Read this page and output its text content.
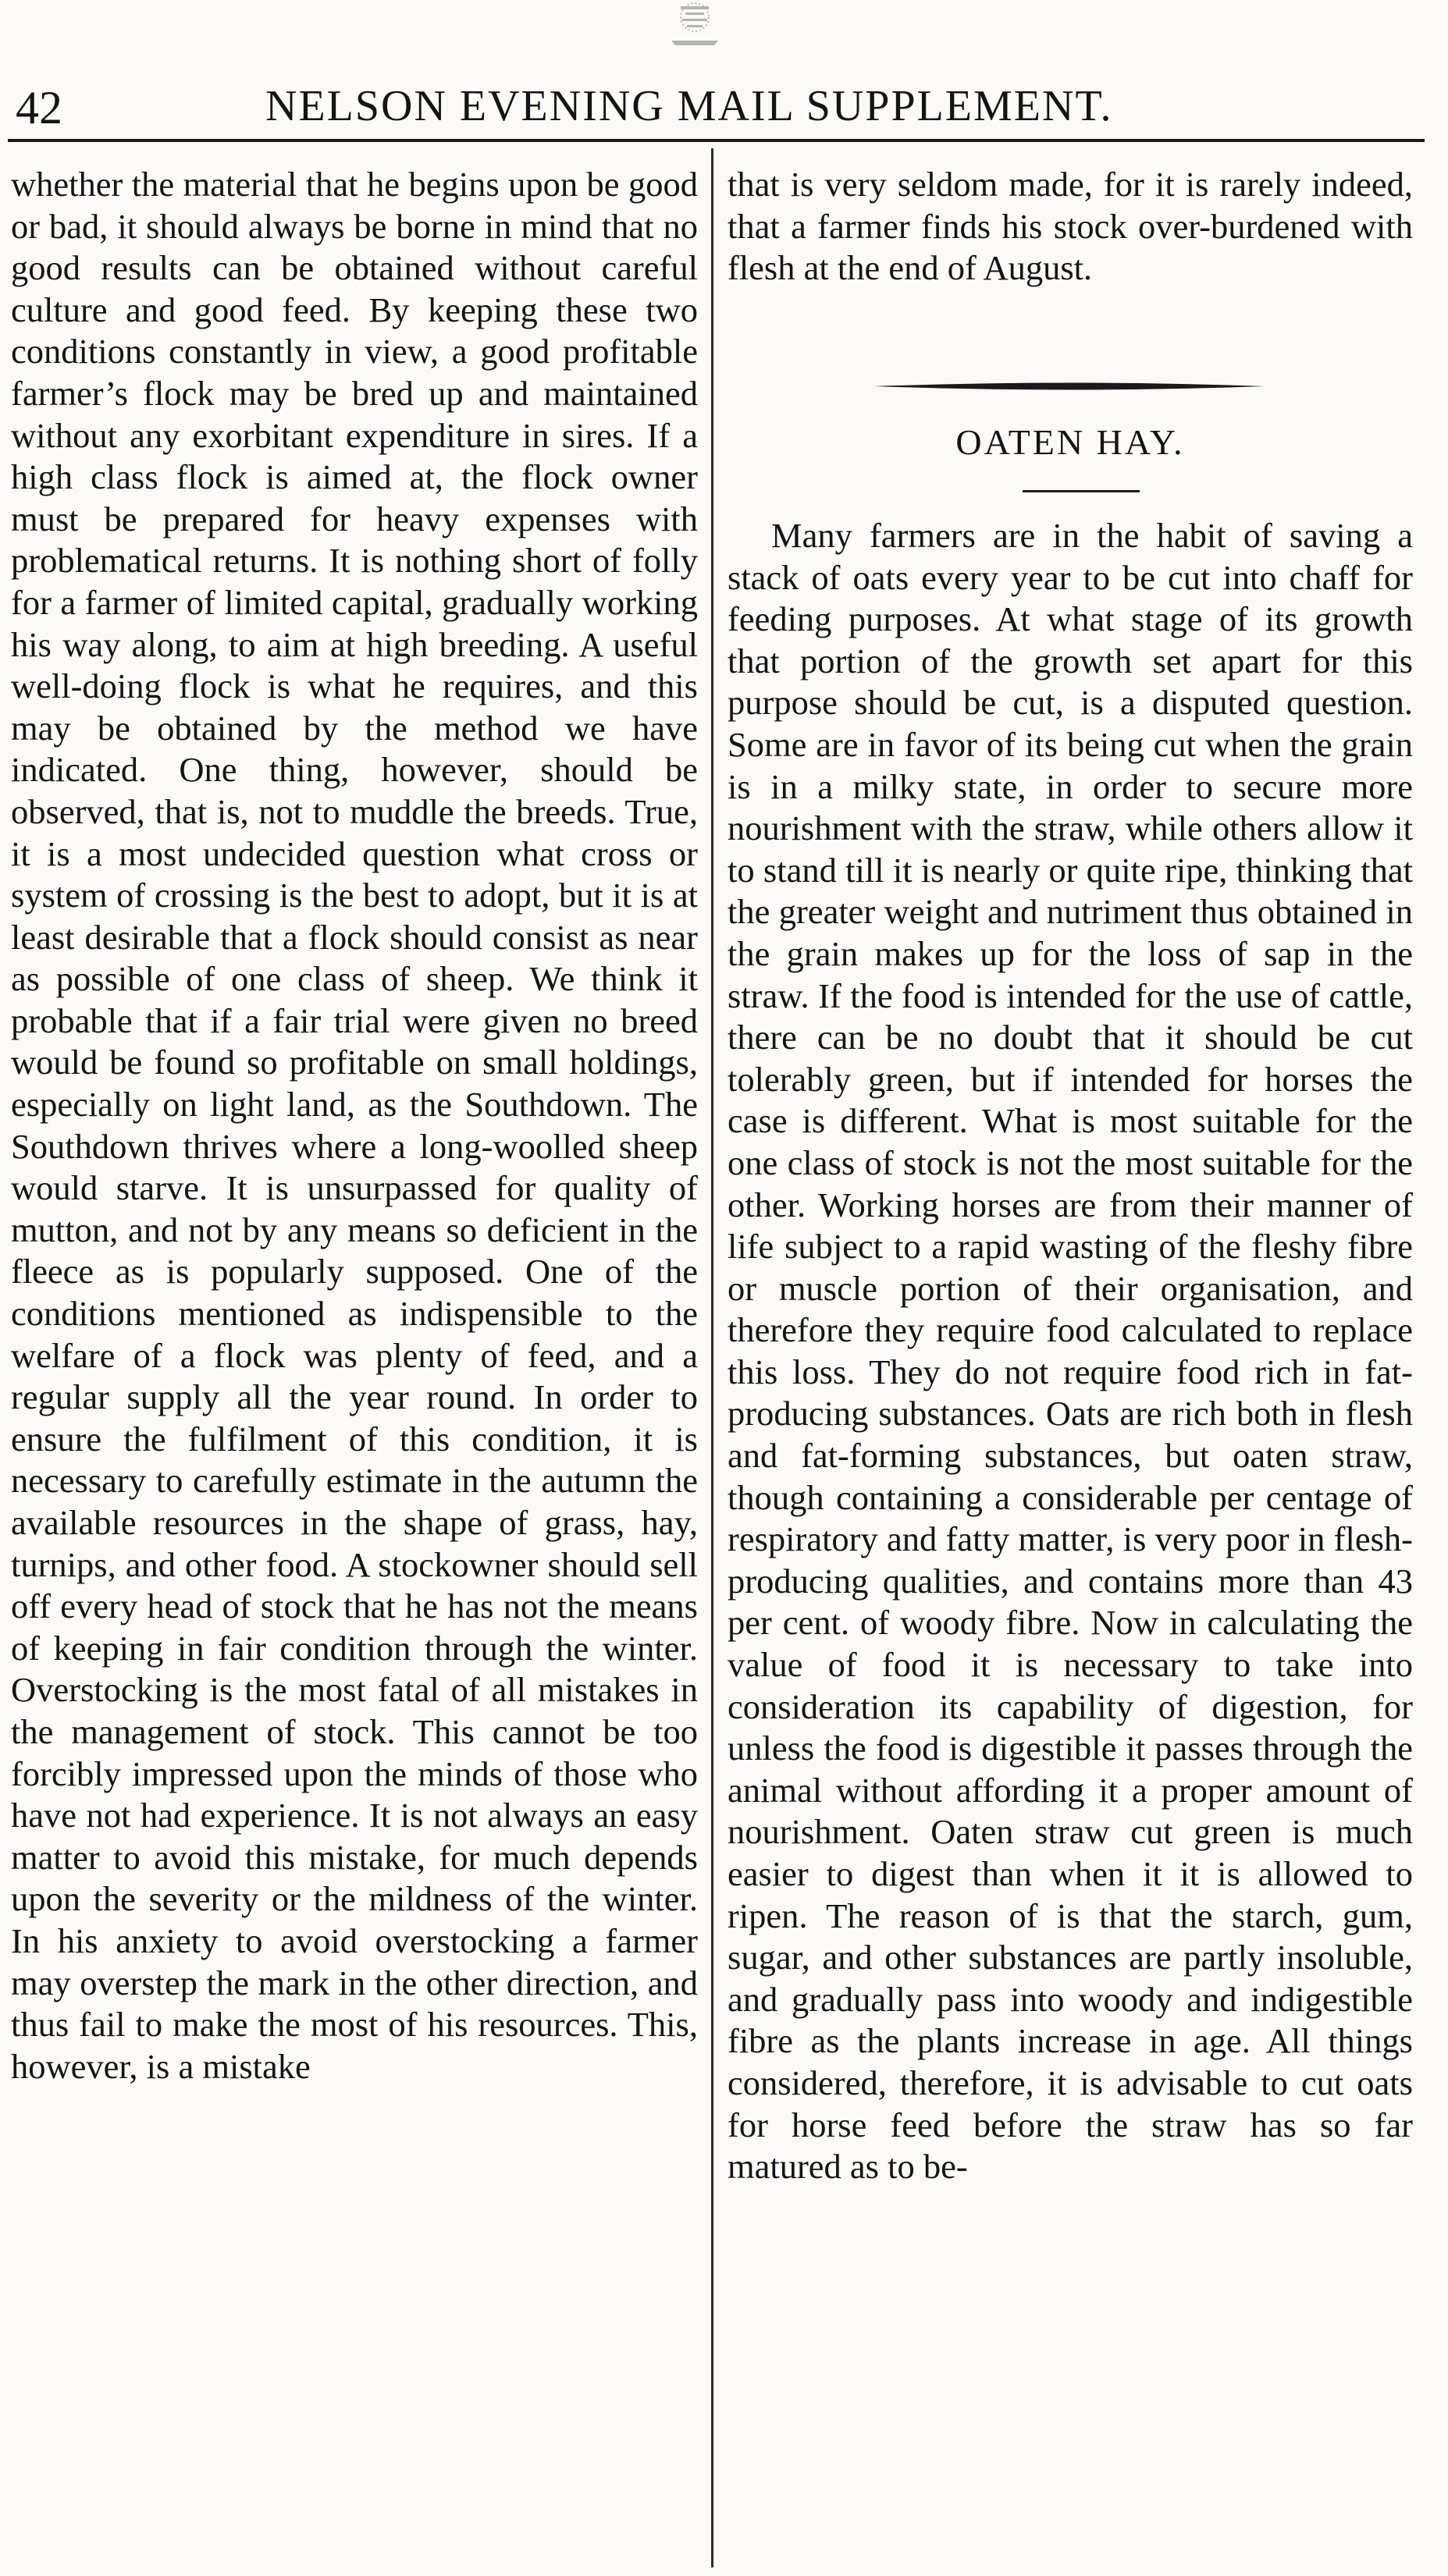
42	NELSON EVENING MAIL SUPPLEMENT.

whether the material that he begins upon be good or bad, it should always be borne in mind that no good results can be obtained without careful culture and good feed. By keeping these two conditions constantly in view, a good profitable farmer’s flock may be bred up and maintained without any exorbitant expenditure in sires. If a high class flock is aimed at, the flock owner must be prepared for heavy expenses with problematical returns. It is nothing short of folly for a farmer of limited capital, gradually working his way along, to aim at high breeding. A useful well-doing flock is what he requires, and this may be obtained by the method we have indicated. One thing, however, should be observed, that is, not to muddle the breeds. True, it is a most undecided question what cross or system of crossing is the best to adopt, but it is at least desirable that a flock should consist as near as possible of one class of sheep. We think it probable that if a fair trial were given no breed would be found so profitable on small holdings, especially on light land, as the Southdown. The Southdown thrives where a long-woolled sheep would starve. It is unsurpassed for quality of mutton, and not by any means so deficient in the fleece as is popularly supposed. One of the conditions mentioned as indispensible to the welfare of a flock was plenty of feed, and a regular supply all the year round. In order to ensure the fulfilment of this condition, it is necessary to carefully estimate in the autumn the available resources in the shape of grass, hay, turnips, and other food. A stockowner should sell off every head of stock that he has not the means of keeping in fair condition through the winter. Overstocking is the most fatal of all mistakes in the management of stock. This cannot be too forcibly impressed upon the minds of those who have not had experience. It is not always an easy matter to avoid this mistake, for much depends upon the severity or the mildness of the winter. In his anxiety to avoid overstocking a farmer may overstep the mark in the other direction, and thus fail to make the most of his resources. This, however, is a mistake

that is very seldom made, for it is rarely indeed, that a farmer finds his stock over-burdened with flesh at the end of August.

OATEN HAY.

Many farmers are in the habit of saving a stack of oats every year to be cut into chaff for feeding purposes. At what stage of its growth that portion of the growth set apart for this purpose should be cut, is a disputed question. Some are in favor of its being cut when the grain is in a milky state, in order to secure more nourishment with the straw, while others allow it to stand till it is nearly or quite ripe, thinking that the greater weight and nutriment thus obtained in the grain makes up for the loss of sap in the straw. If the food is intended for the use of cattle, there can be no doubt that it should be cut tolerably green, but if intended for horses the case is different. What is most suitable for the one class of stock is not the most suitable for the other. Working horses are from their manner of life subject to a rapid wasting of the fleshy fibre or muscle portion of their organisation, and therefore they require food calculated to replace this loss. They do not require food rich in fat-producing substances. Oats are rich both in flesh and fat-forming substances, but oaten straw, though containing a considerable per centage of respiratory and fatty matter, is very poor in flesh-producing qualities, and contains more than 43 per cent. of woody fibre. Now in calculating the value of food it is necessary to take into consideration its capability of digestion, for unless the food is digestible it passes through the animal without affording it a proper amount of nourishment. Oaten straw cut green is much easier to digest than when it it is allowed to ripen. The reason of is that the starch, gum, sugar, and other substances are partly insoluble, and gradually pass into woody and indigestible fibre as the plants increase in age. All things considered, therefore, it is advisable to cut oats for horse feed before the straw has so far matured as to be-
